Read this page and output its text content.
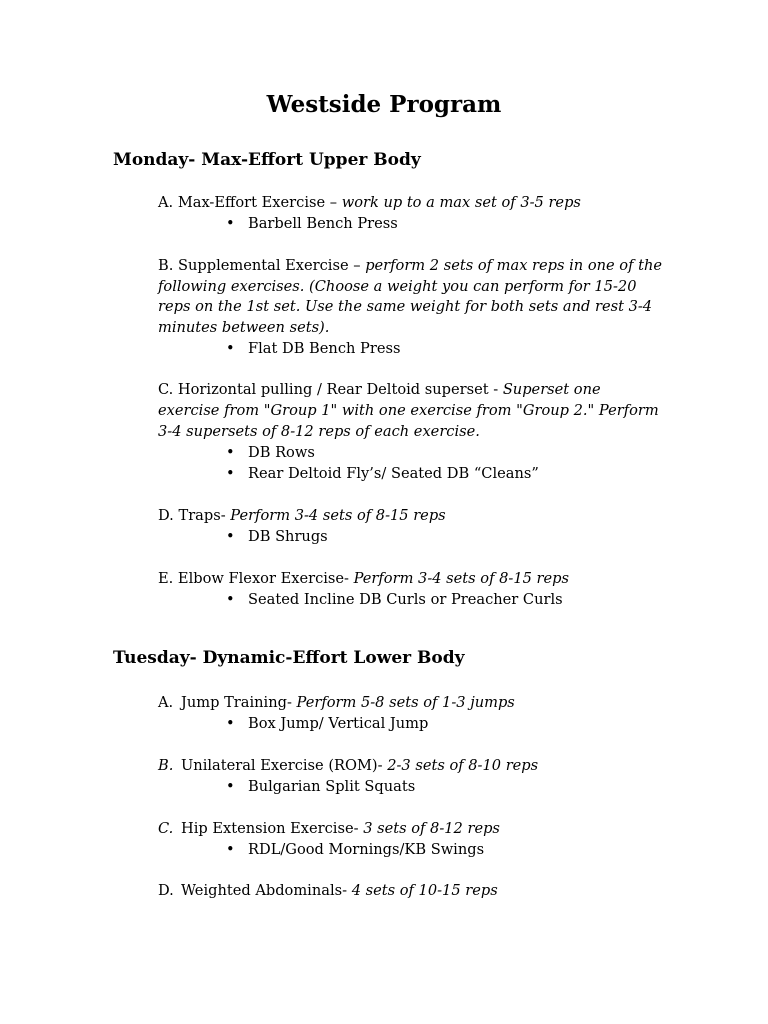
Westside Program
Monday- Max-Effort Upper Body
A. Max-Effort Exercise – work up to a max set of 3-5 reps
• Barbell Bench Press
B. Supplemental Exercise – perform 2 sets of max reps in one of the
following exercises. (Choose a weight you can perform for 15-20
reps on the 1st set. Use the same weight for both sets and rest 3-4
minutes between sets).
• Flat DB Bench Press
C. Horizontal pulling / Rear Deltoid superset - Superset one
exercise from "Group 1" with one exercise from "Group 2." Perform
3-4 supersets of 8-12 reps of each exercise.
• DB Rows
• Rear Deltoid Fly’s/ Seated DB “Cleans”
D. Traps- Perform 3-4 sets of 8-15 reps
• DB Shrugs
E. Elbow Flexor Exercise- Perform 3-4 sets of 8-15 reps
• Seated Incline DB Curls or Preacher Curls
Tuesday- Dynamic-Effort Lower Body
A. Jump Training- Perform 5-8 sets of 1-3 jumps
• Box Jump/ Vertical Jump
B. Unilateral Exercise (ROM)- 2-3 sets of 8-10 reps
• Bulgarian Split Squats
C. Hip Extension Exercise- 3 sets of 8-12 reps
• RDL/Good Mornings/KB Swings
D. Weighted Abdominals- 4 sets of 10-15 reps
